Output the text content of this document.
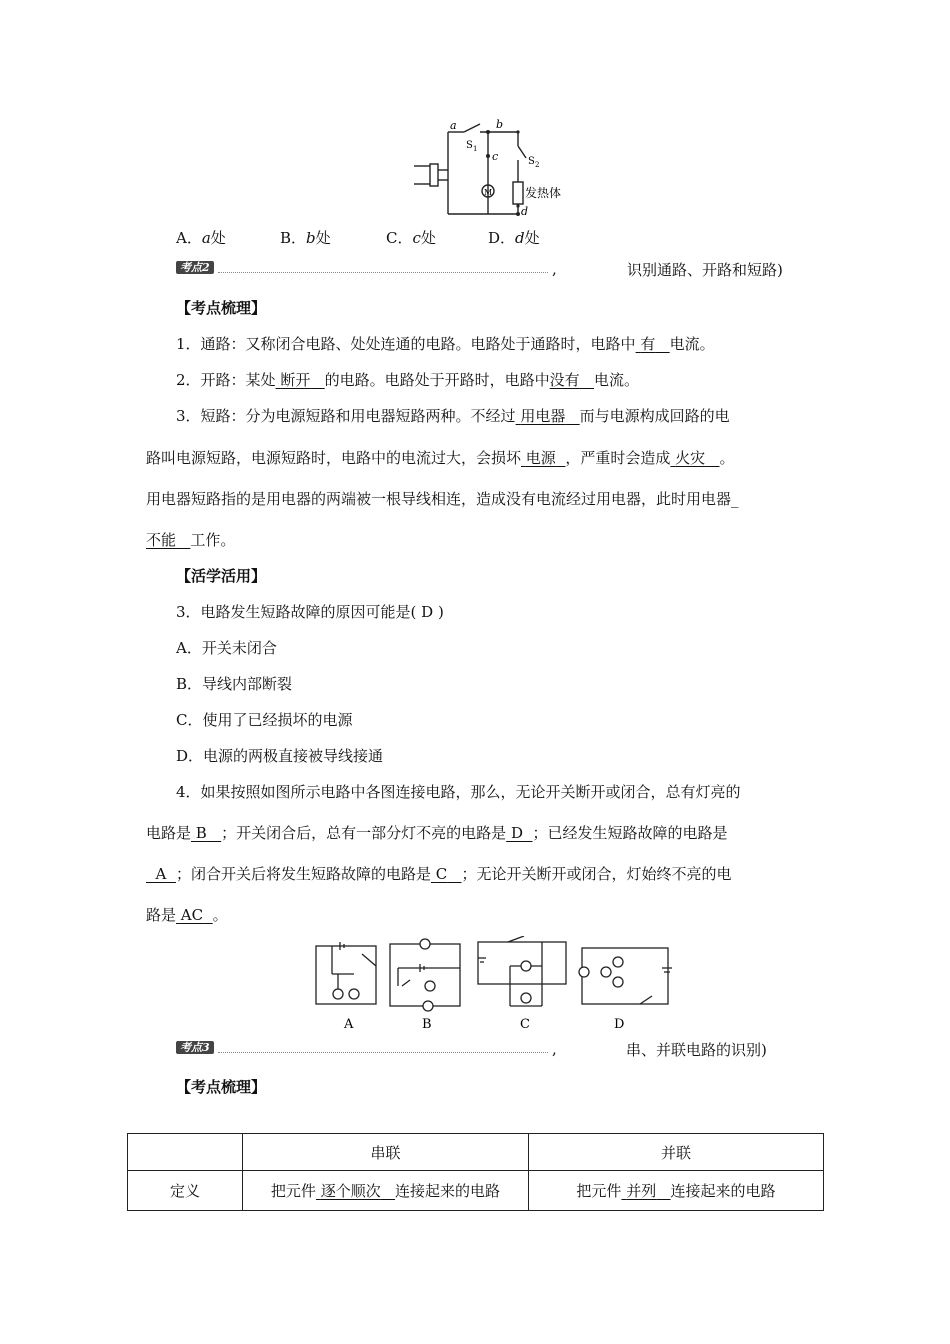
a	b
c
d
S 1
S 2
M	发热体
A．a处	B．b处	C．c处	D．d处
考点2	,	识别通路、开路和短路)
【考点梳理】
1．通路：又称闭合电路、处处连通的电路。电路处于通路时，电路中 有 电流。
2．开路：某处 断开 的电路。电路处于开路时，电路中没有 电流。
3．短路：分为电源短路和用电器短路两种。不经过 用电器 而与电源构成回路的电
路叫电源短路，电源短路时，电路中的电流过大，会损坏 电源 ，严重时会造成 火灾 。
用电器短路指的是用电器的两端被一根导线相连，造成没有电流经过用电器，此时用电器_
不能 工作。
【活学活用】
3．电路发生短路故障的原因可能是( D )
A．开关未闭合
B．导线内部断裂
C．使用了已经损坏的电源
D．电源的两极直接被导线接通
4．如果按照如图所示电路中各图连接电路，那么，无论开关断开或闭合，总有灯亮的
电路是 B ；开关闭合后，总有一部分灯不亮的电路是 D ；已经发生短路故障的电路是
A ；闭合开关后将发生短路故障的电路是 C ；无论开关断开或闭合，灯始终不亮的电
路是 AC 。
A	B	C	D
考点3	,	串、并联电路的识别)
【考点梳理】
	串联	并联
定义	把元件 逐个顺次 连接起来的电路	把元件 并列 连接起来的电路
